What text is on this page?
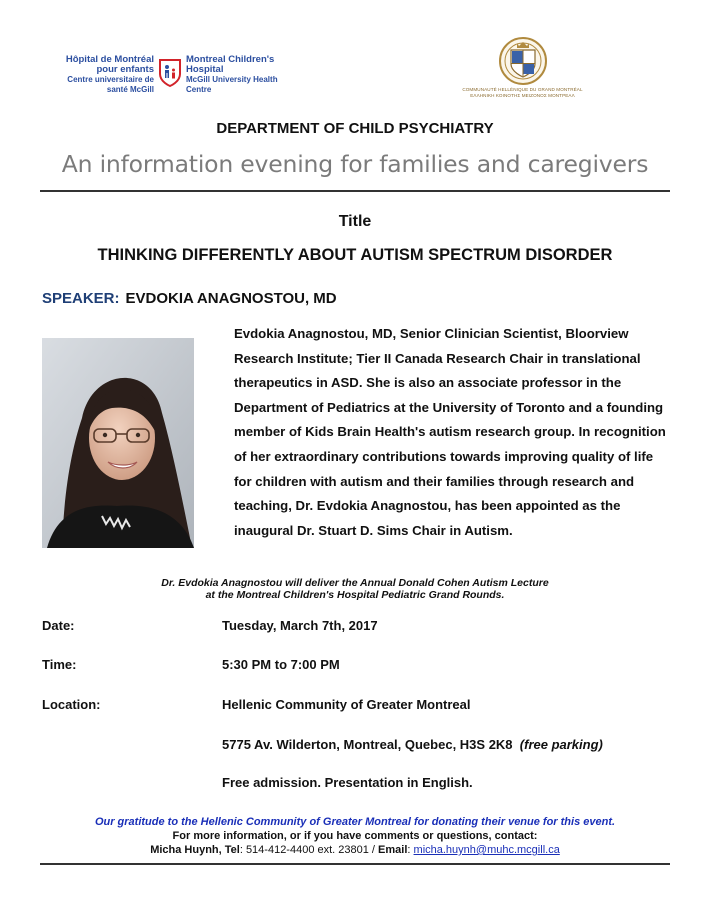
Hôpital de Montréal pour enfants
Centre universitaire de santé McGill
Montreal Children's Hospital
McGill University Health Centre	COMMUNAUTÉ HELLÉNIQUE DU GRAND MONTRÉAL
ΕΛΛΗΝΙΚΗ ΚΟΙΝΟΤΗΣ ΜΕΙΖΟΝΟΣ ΜΟΝΤΡΕΑΛ
DEPARTMENT OF CHILD PSYCHIATRY
An information evening for families and caregivers
Title
THINKING DIFFERENTLY ABOUT AUTISM SPECTRUM DISORDER
SPEAKER: EVDOKIA ANAGNOSTOU, MD
Evdokia Anagnostou, MD, Senior Clinician Scientist, Bloorview Research Institute; Tier II Canada Research Chair in translational therapeutics in ASD. She is also an associate professor in the Department of Pediatrics at the University of Toronto and a founding member of Kids Brain Health's autism research group. In recognition of her extraordinary contributions towards improving quality of life for children with autism and their families through research and teaching, Dr. Evdokia Anagnostou, has been appointed as the inaugural Dr. Stuart D. Sims Chair in Autism.
Dr. Evdokia Anagnostou will deliver the Annual Donald Cohen Autism Lecture
at the Montreal Children's Hospital Pediatric Grand Rounds.
Date:	Tuesday, March 7th, 2017
Time:	5:30 PM to 7:00 PM
Location:	Hellenic Community of Greater Montreal
5775 Av. Wilderton, Montreal, Quebec, H3S 2K8 (free parking)
Free admission. Presentation in English.
Our gratitude to the Hellenic Community of Greater Montreal for donating their venue for this event.
For more information, or if you have comments or questions, contact:
Micha Huynh, Tel: 514-412-4400 ext. 23801 / Email: micha.huynh@muhc.mcgill.ca
